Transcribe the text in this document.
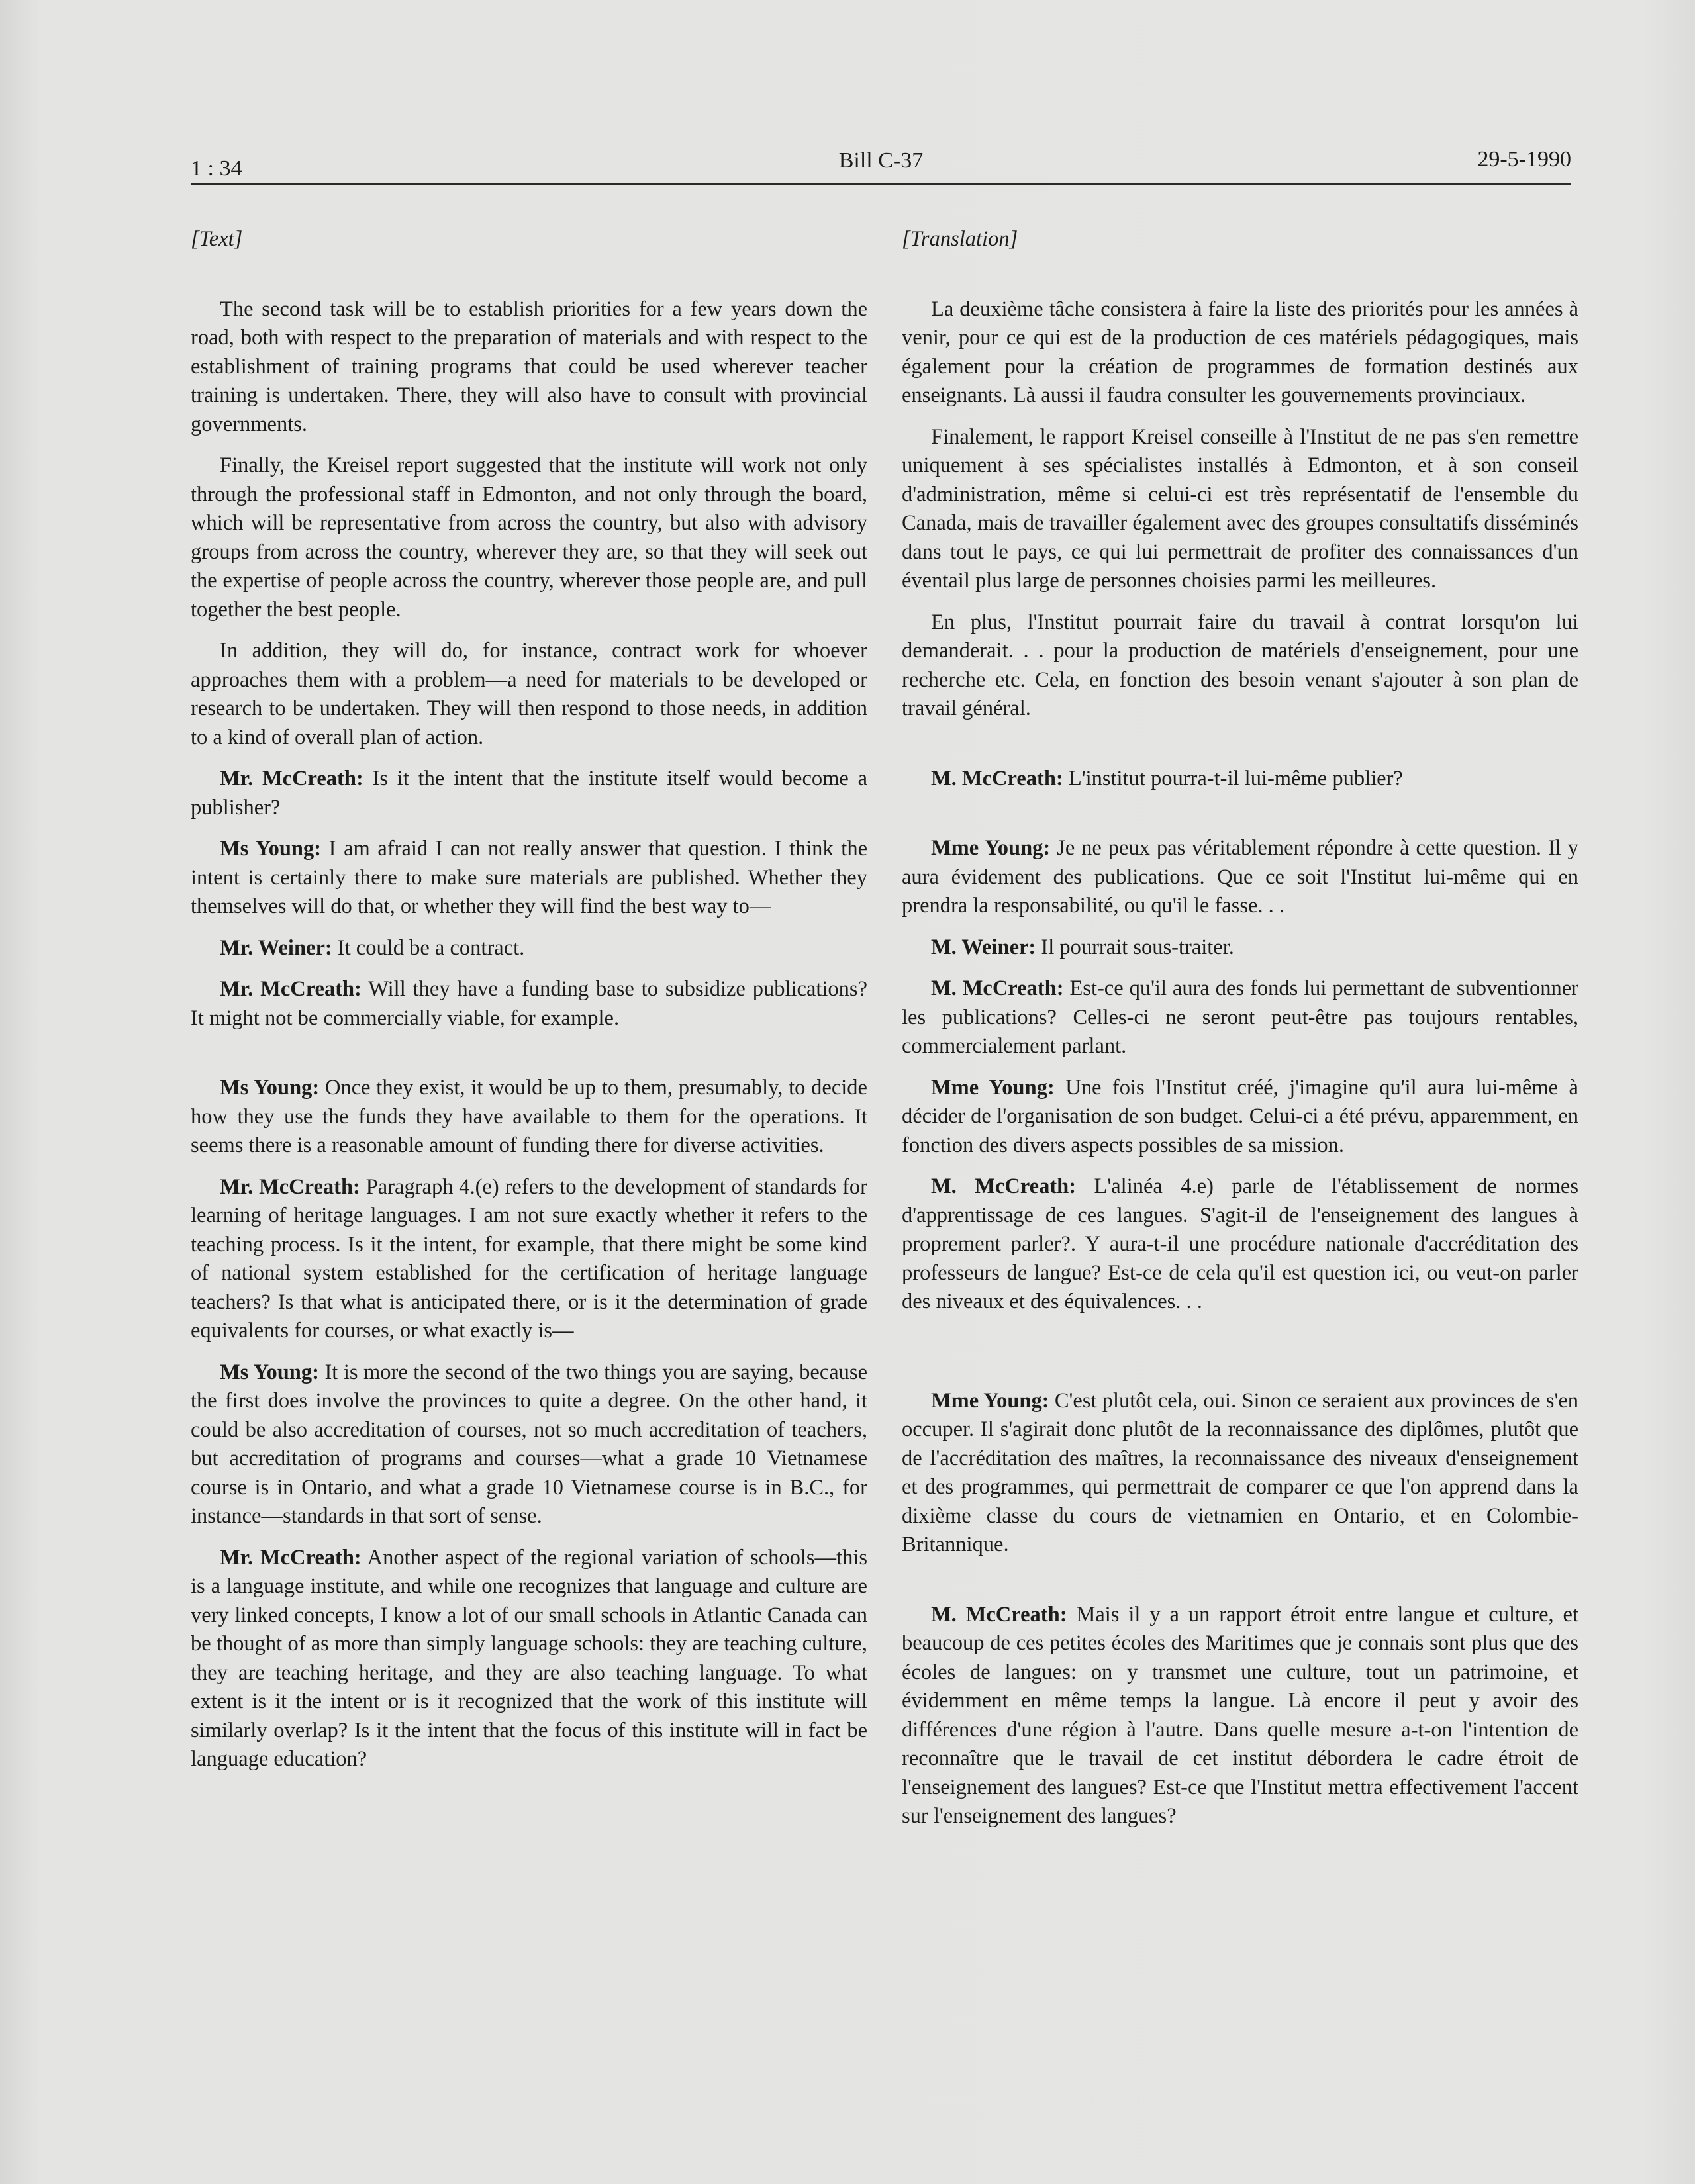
1 : 34	Bill C-37	29-5-1990

[Text]

The second task will be to establish priorities for a few years down the road, both with respect to the preparation of materials and with respect to the establishment of training programs that could be used wherever teacher training is undertaken. There, they will also have to consult with provincial governments.

Finally, the Kreisel report suggested that the institute will work not only through the professional staff in Edmonton, and not only through the board, which will be representative from across the country, but also with advisory groups from across the country, wherever they are, so that they will seek out the expertise of people across the country, wherever those people are, and pull together the best people.

In addition, they will do, for instance, contract work for whoever approaches them with a problem—a need for materials to be developed or research to be undertaken. They will then respond to those needs, in addition to a kind of overall plan of action.

Mr. McCreath: Is it the intent that the institute itself would become a publisher?

Ms Young: I am afraid I can not really answer that question. I think the intent is certainly there to make sure materials are published. Whether they themselves will do that, or whether they will find the best way to—

Mr. Weiner: It could be a contract.

Mr. McCreath: Will they have a funding base to subsidize publications? It might not be commercially viable, for example.

Ms Young: Once they exist, it would be up to them, presumably, to decide how they use the funds they have available to them for the operations. It seems there is a reasonable amount of funding there for diverse activities.

Mr. McCreath: Paragraph 4.(e) refers to the development of standards for learning of heritage languages. I am not sure exactly whether it refers to the teaching process. Is it the intent, for example, that there might be some kind of national system established for the certification of heritage language teachers? Is that what is anticipated there, or is it the determination of grade equivalents for courses, or what exactly is—

Ms Young: It is more the second of the two things you are saying, because the first does involve the provinces to quite a degree. On the other hand, it could be also accreditation of courses, not so much accreditation of teachers, but accreditation of programs and courses—what a grade 10 Vietnamese course is in Ontario, and what a grade 10 Vietnamese course is in B.C., for instance—standards in that sort of sense.

Mr. McCreath: Another aspect of the regional variation of schools—this is a language institute, and while one recognizes that language and culture are very linked concepts, I know a lot of our small schools in Atlantic Canada can be thought of as more than simply language schools: they are teaching culture, they are teaching heritage, and they are also teaching language. To what extent is it the intent or is it recognized that the work of this institute will similarly overlap? Is it the intent that the focus of this institute will in fact be language education?

[Translation]

La deuxième tâche consistera à faire la liste des priorités pour les années à venir, pour ce qui est de la production de ces matériels pédagogiques, mais également pour la création de programmes de formation destinés aux enseignants. Là aussi il faudra consulter les gouvernements provinciaux.

Finalement, le rapport Kreisel conseille à l'Institut de ne pas s'en remettre uniquement à ses spécialistes installés à Edmonton, et à son conseil d'administration, même si celui-ci est très représentatif de l'ensemble du Canada, mais de travailler également avec des groupes consultatifs disséminés dans tout le pays, ce qui lui permettrait de profiter des connaissances d'un éventail plus large de personnes choisies parmi les meilleures.

En plus, l'Institut pourrait faire du travail à contrat lorsqu'on lui demanderait. . . pour la production de matériels d'enseignement, pour une recherche etc. Cela, en fonction des besoin venant s'ajouter à son plan de travail général.

M. McCreath: L'institut pourra-t-il lui-même publier?

Mme Young: Je ne peux pas véritablement répondre à cette question. Il y aura évidement des publications. Que ce soit l'Institut lui-même qui en prendra la responsabilité, ou qu'il le fasse. . .

M. Weiner: Il pourrait sous-traiter.

M. McCreath: Est-ce qu'il aura des fonds lui permettant de subventionner les publications? Celles-ci ne seront peut-être pas toujours rentables, commercialement parlant.

Mme Young: Une fois l'Institut créé, j'imagine qu'il aura lui-même à décider de l'organisation de son budget. Celui-ci a été prévu, apparemment, en fonction des divers aspects possibles de sa mission.

M. McCreath: L'alinéa 4.e) parle de l'établissement de normes d'apprentissage de ces langues. S'agit-il de l'enseignement des langues à proprement parler?. Y aura-t-il une procédure nationale d'accréditation des professeurs de langue? Est-ce de cela qu'il est question ici, ou veut-on parler des niveaux et des équivalences. . .

Mme Young: C'est plutôt cela, oui. Sinon ce seraient aux provinces de s'en occuper. Il s'agirait donc plutôt de la reconnaissance des diplômes, plutôt que de l'accréditation des maîtres, la reconnaissance des niveaux d'enseignement et des programmes, qui permettrait de comparer ce que l'on apprend dans la dixième classe du cours de vietnamien en Ontario, et en Colombie-Britannique.

M. McCreath: Mais il y a un rapport étroit entre langue et culture, et beaucoup de ces petites écoles des Maritimes que je connais sont plus que des écoles de langues: on y transmet une culture, tout un patrimoine, et évidemment en même temps la langue. Là encore il peut y avoir des différences d'une région à l'autre. Dans quelle mesure a-t-on l'intention de reconnaître que le travail de cet institut débordera le cadre étroit de l'enseignement des langues? Est-ce que l'Institut mettra effectivement l'accent sur l'enseignement des langues?
